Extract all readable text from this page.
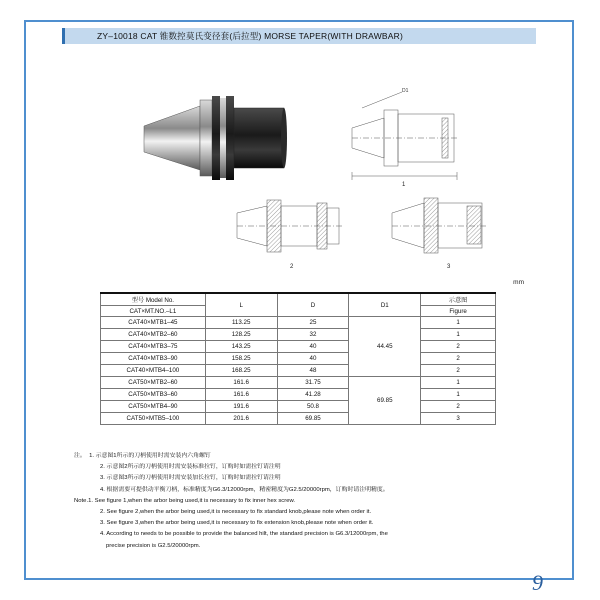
ZY–10018 CAT 锥数控莫氏变径套(后拉型) MORSE TAPER(WITH DRAWBAR)
D1
1
2	3
mm
型号 Model No.	L	D	D1	示意图
CAT×MT.NO.–L1				Figure
CAT40×MTB1–45	113.25	25	44.45	1
CAT40×MTB2–60	128.25	32		1
CAT40×MTB3–75	143.25	40		2
CAT40×MTB3–90	158.25	40		2
CAT40×MTB4–100	168.25	48		2
CAT50×MTB2–60	161.6	31.75	69.85	1
CAT50×MTB3–60	161.6	41.28		1
CAT50×MTB4–90	191.6	50.8		2
CAT50×MTB5–100	201.6	69.85		3
注。 1. 示意图1所示的刀柄使用时需安装内六角螺钉
2. 示意图2所示的刀柄使用时需安装标准拉钉，订购时如需拉钉请注明
3. 示意图3所示的刀柄使用时需安装加长拉钉，订购时如需拉钉请注明
4. 根据需要可提供动平衡刀柄，标准精度为G6.3/12000rpm，精密精度为G2.5/20000rpm，订购时请注明精度。
Note.1. See figure 1,when the arbor being used,it is necessary to fix inner hex screw.
2. See figure 2,when the arbor being used,it is necessary to fix standard knob,please note when order it.
3. See figure 3,when the arbor being used,it is necessary to fix extension knob,please note when order it.
4. According to needs to be possible to provide the balanced hilt, the standard precision is G6.3/12000rpm, the
precise precision is G2.5/20000rpm.
9
